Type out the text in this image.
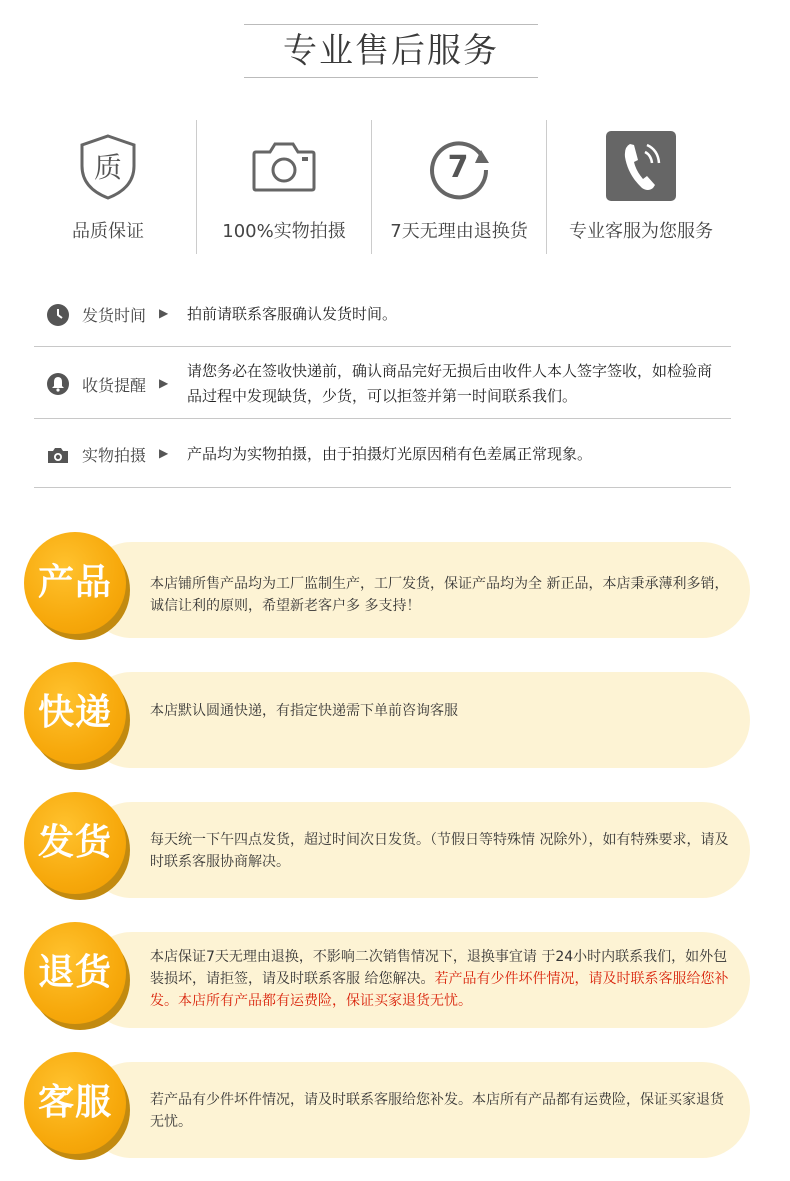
专业售后服务
质
品质保证	100%实物拍摄
7
7天无理由退换货	专业客服为您服务
发货时间 ▶ 拍前请联系客服确认发货时间。
收货提醒 ▶
请您务必在签收快递前，确认商品完好无损后由收件人本人签字签收，如检验商品过程中发现缺货，少货，可以拒签并第一时间联系我们。
实物拍摄 ▶ 产品均为实物拍摄，由于拍摄灯光原因稍有色差属正常现象。
产品	本店铺所售产品均为工厂监制生产，工厂发货，保证产品均为全 新正品，本店秉承薄利多销，诚信让利的原则，希望新老客户多 多支持！
快递	本店默认圆通快递，有指定快递需下单前咨询客服
发货	每天统一下午四点发货，超过时间次日发货。（节假日等特殊情 况除外），如有特殊要求，请及时联系客服协商解决。
退货	本店保证7天无理由退换，不影响二次销售情况下，退换事宜请 于24小时内联系我们，如外包装损坏，请拒签，请及时联系客服 给您解决。若产品有少件坏件情况，请及时联系客服给您补发。本店所有产品都有运费险，保证买家退货无忧。
客服	若产品有少件坏件情况，请及时联系客服给您补发。本店所有产品都有运费险，保证买家退货无忧。
